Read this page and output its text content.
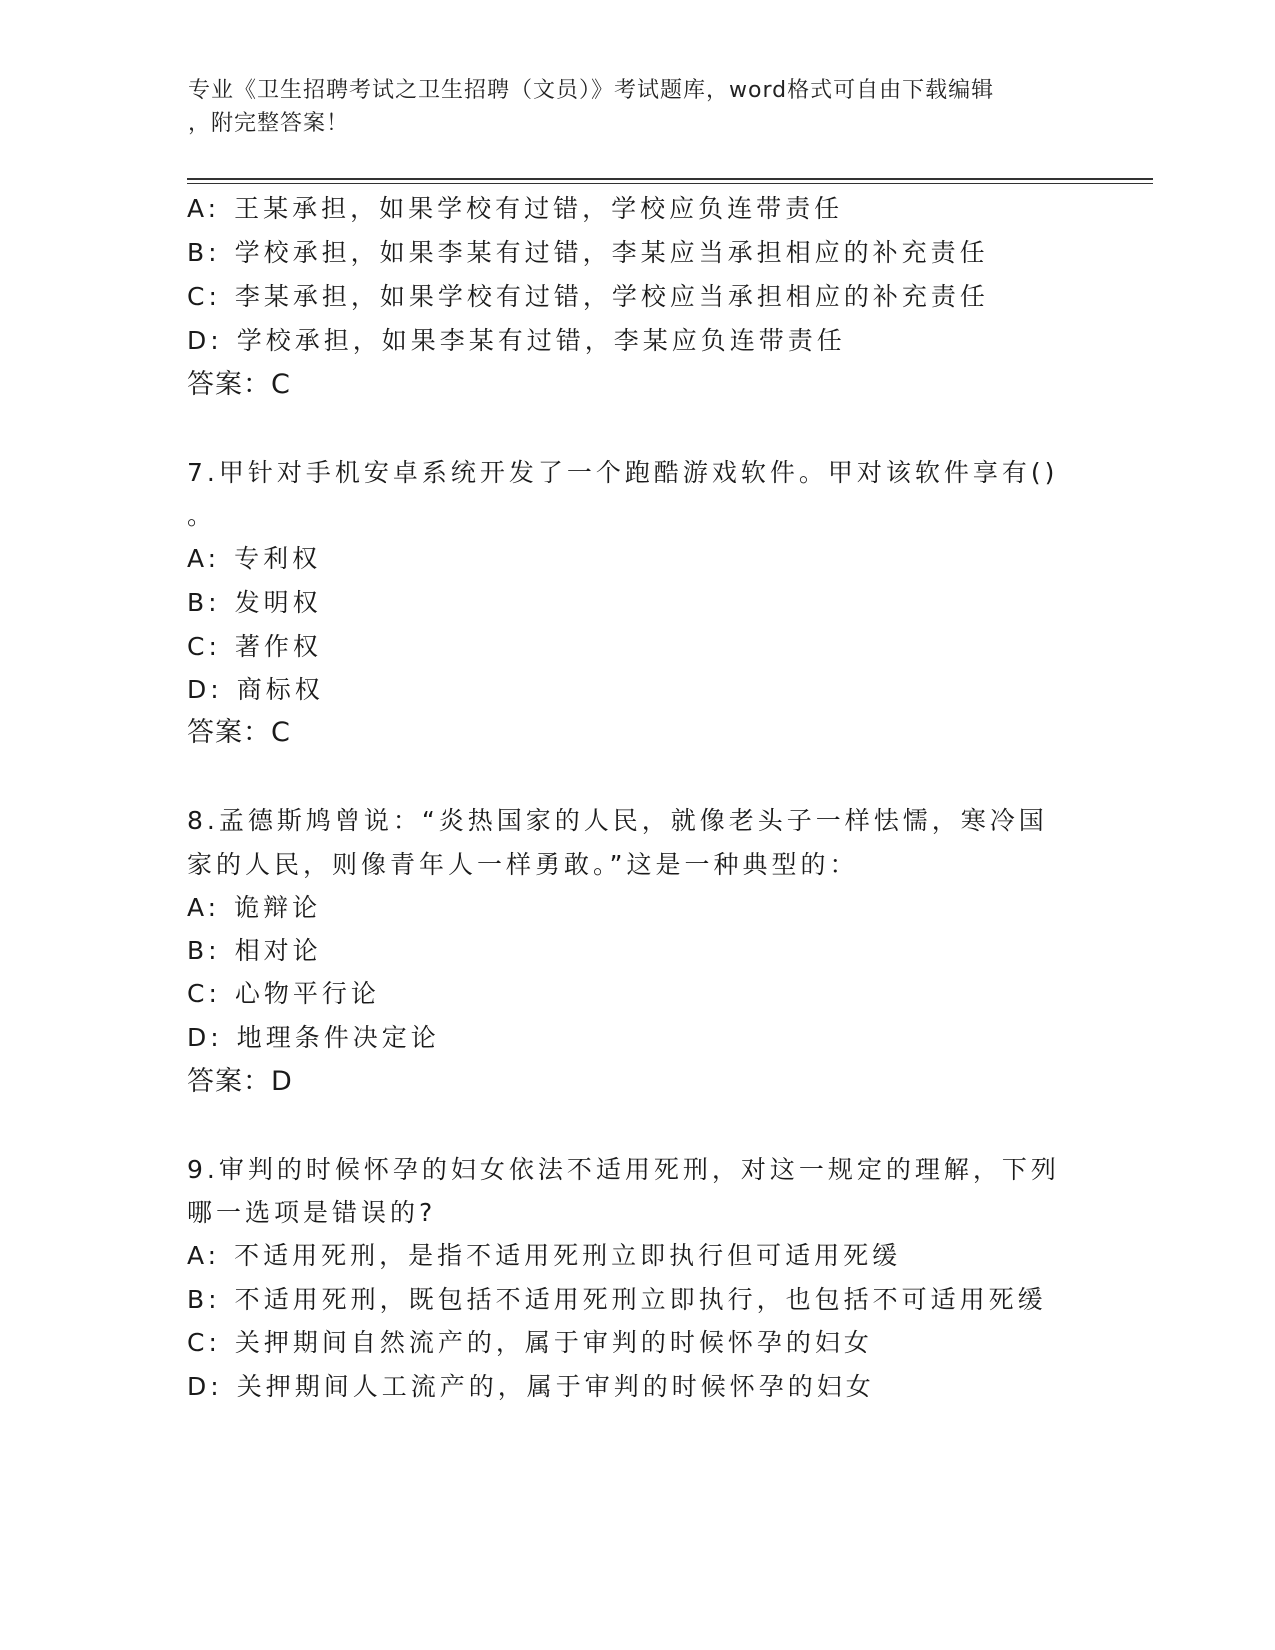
专业《卫生招聘考试之卫生招聘（文员）》考试题库，word格式可自由下载编辑
，附完整答案！
A: 王某承担，如果学校有过错，学校应负连带责任
B: 学校承担，如果李某有过错，李某应当承担相应的补充责任
C: 李某承担，如果学校有过错，学校应当承担相应的补充责任
D: 学校承担，如果李某有过错，李某应负连带责任
答案：C
7.甲针对手机安卓系统开发了一个跑酷游戏软件。甲对该软件享有()
。
A: 专利权
B: 发明权
C: 著作权
D: 商标权
答案：C
8.孟德斯鸠曾说：“炎热国家的人民，就像老头子一样怯懦，寒冷国
家的人民，则像青年人一样勇敢。”这是一种典型的：
A: 诡辩论
B: 相对论
C: 心物平行论
D: 地理条件决定论
答案：D
9.审判的时候怀孕的妇女依法不适用死刑，对这一规定的理解，下列
哪一选项是错误的?
A: 不适用死刑，是指不适用死刑立即执行但可适用死缓
B: 不适用死刑，既包括不适用死刑立即执行，也包括不可适用死缓
C: 关押期间自然流产的，属于审判的时候怀孕的妇女
D: 关押期间人工流产的，属于审判的时候怀孕的妇女
